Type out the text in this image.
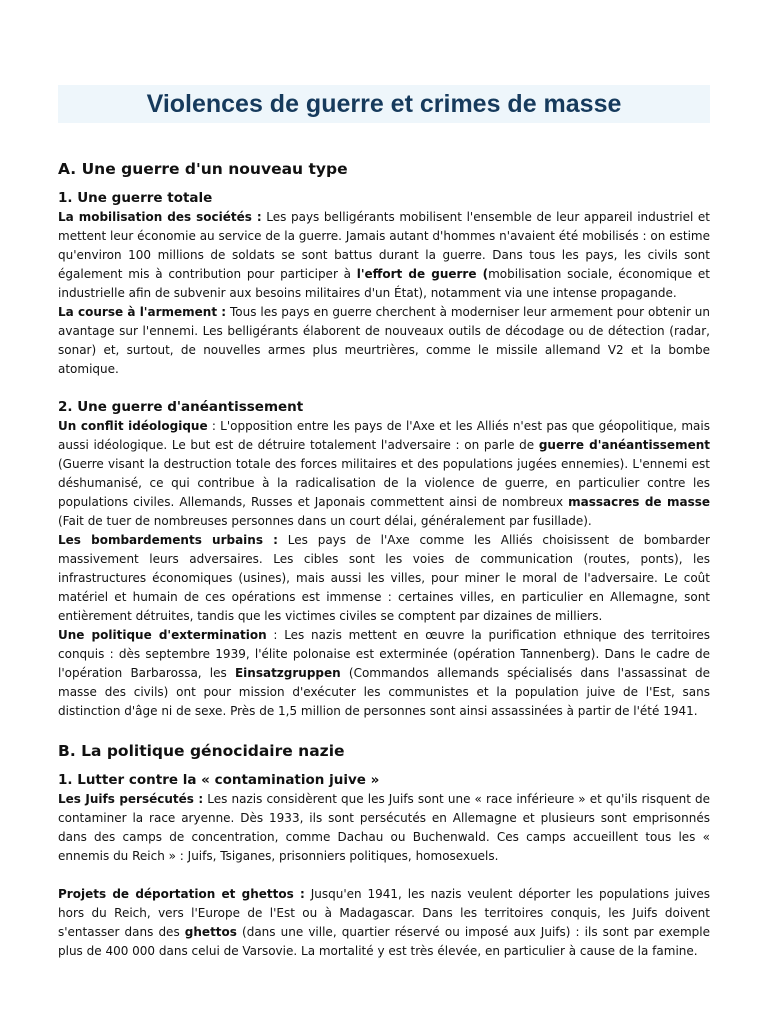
Violences de guerre et crimes de masse
A. Une guerre d'un nouveau type
1. Une guerre totale

La mobilisation des sociétés : Les pays belligérants mobilisent l'ensemble de leur appareil industriel et mettent leur économie au service de la guerre. Jamais autant d'hommes n'avaient été mobilisés : on estime qu'environ 100 millions de soldats se sont battus durant la guerre. Dans tous les pays, les civils sont également mis à contribution pour participer à l'effort de guerre (mobilisation sociale, économique et industrielle afin de subvenir aux besoins militaires d'un État), notamment via une intense propagande.

La course à l'armement : Tous les pays en guerre cherchent à moderniser leur armement pour obtenir un avantage sur l'ennemi. Les belligérants élaborent de nouveaux outils de décodage ou de détection (radar, sonar) et, surtout, de nouvelles armes plus meurtrières, comme le missile allemand V2 et la bombe atomique.

2. Une guerre d'anéantissement

Un conflit idéologique : L'opposition entre les pays de l'Axe et les Alliés n'est pas que géopolitique, mais aussi idéologique. Le but est de détruire totalement l'adversaire : on parle de guerre d'anéantissement (Guerre visant la destruction totale des forces militaires et des populations jugées ennemies). L'ennemi est déshumanisé, ce qui contribue à la radicalisation de la violence de guerre, en particulier contre les populations civiles. Allemands, Russes et Japonais commettent ainsi de nombreux massacres de masse (Fait de tuer de nombreuses personnes dans un court délai, généralement par fusillade).

Les bombardements urbains : Les pays de l'Axe comme les Alliés choisissent de bombarder massivement leurs adversaires. Les cibles sont les voies de communication (routes, ponts), les infrastructures économiques (usines), mais aussi les villes, pour miner le moral de l'adversaire. Le coût matériel et humain de ces opérations est immense : certaines villes, en particulier en Allemagne, sont entièrement détruites, tandis que les victimes civiles se comptent par dizaines de milliers.

Une politique d'extermination : Les nazis mettent en œuvre la purification ethnique des territoires conquis : dès septembre 1939, l'élite polonaise est exterminée (opération Tannenberg). Dans le cadre de l'opération Barbarossa, les Einsatzgruppen (Commandos allemands spécialisés dans l'assassinat de masse des civils) ont pour mission d'exécuter les communistes et la population juive de l'Est, sans distinction d'âge ni de sexe. Près de 1,5 million de personnes sont ainsi assassinées à partir de l'été 1941.

B. La politique génocidaire nazie
1. Lutter contre la « contamination juive »

Les Juifs persécutés : Les nazis considèrent que les Juifs sont une « race inférieure » et qu'ils risquent de contaminer la race aryenne. Dès 1933, ils sont persécutés en Allemagne et plusieurs sont emprisonnés dans des camps de concentration, comme Dachau ou Buchenwald. Ces camps accueillent tous les « ennemis du Reich » : Juifs, Tsiganes, prisonniers politiques, homosexuels.

Projets de déportation et ghettos : Jusqu'en 1941, les nazis veulent déporter les populations juives hors du Reich, vers l'Europe de l'Est ou à Madagascar. Dans les territoires conquis, les Juifs doivent s'entasser dans des ghettos (dans une ville, quartier réservé ou imposé aux Juifs) : ils sont par exemple plus de 400 000 dans celui de Varsovie. La mortalité y est très élevée, en particulier à cause de la famine.
